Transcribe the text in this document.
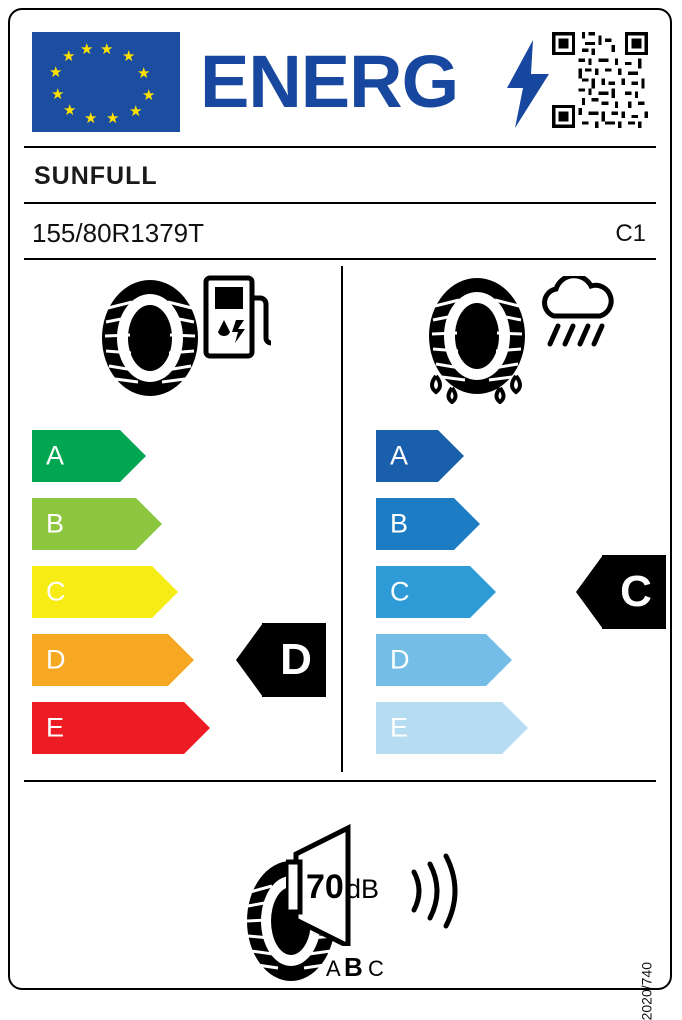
★ ★
★
★
★
★
★
★
★
★
★ ★ ENERG
SUNFULL
155/80R1379T	C1
A
B
C
D
E
D
A
B
C
D
E
C
70 dB
A B C	2020/740
